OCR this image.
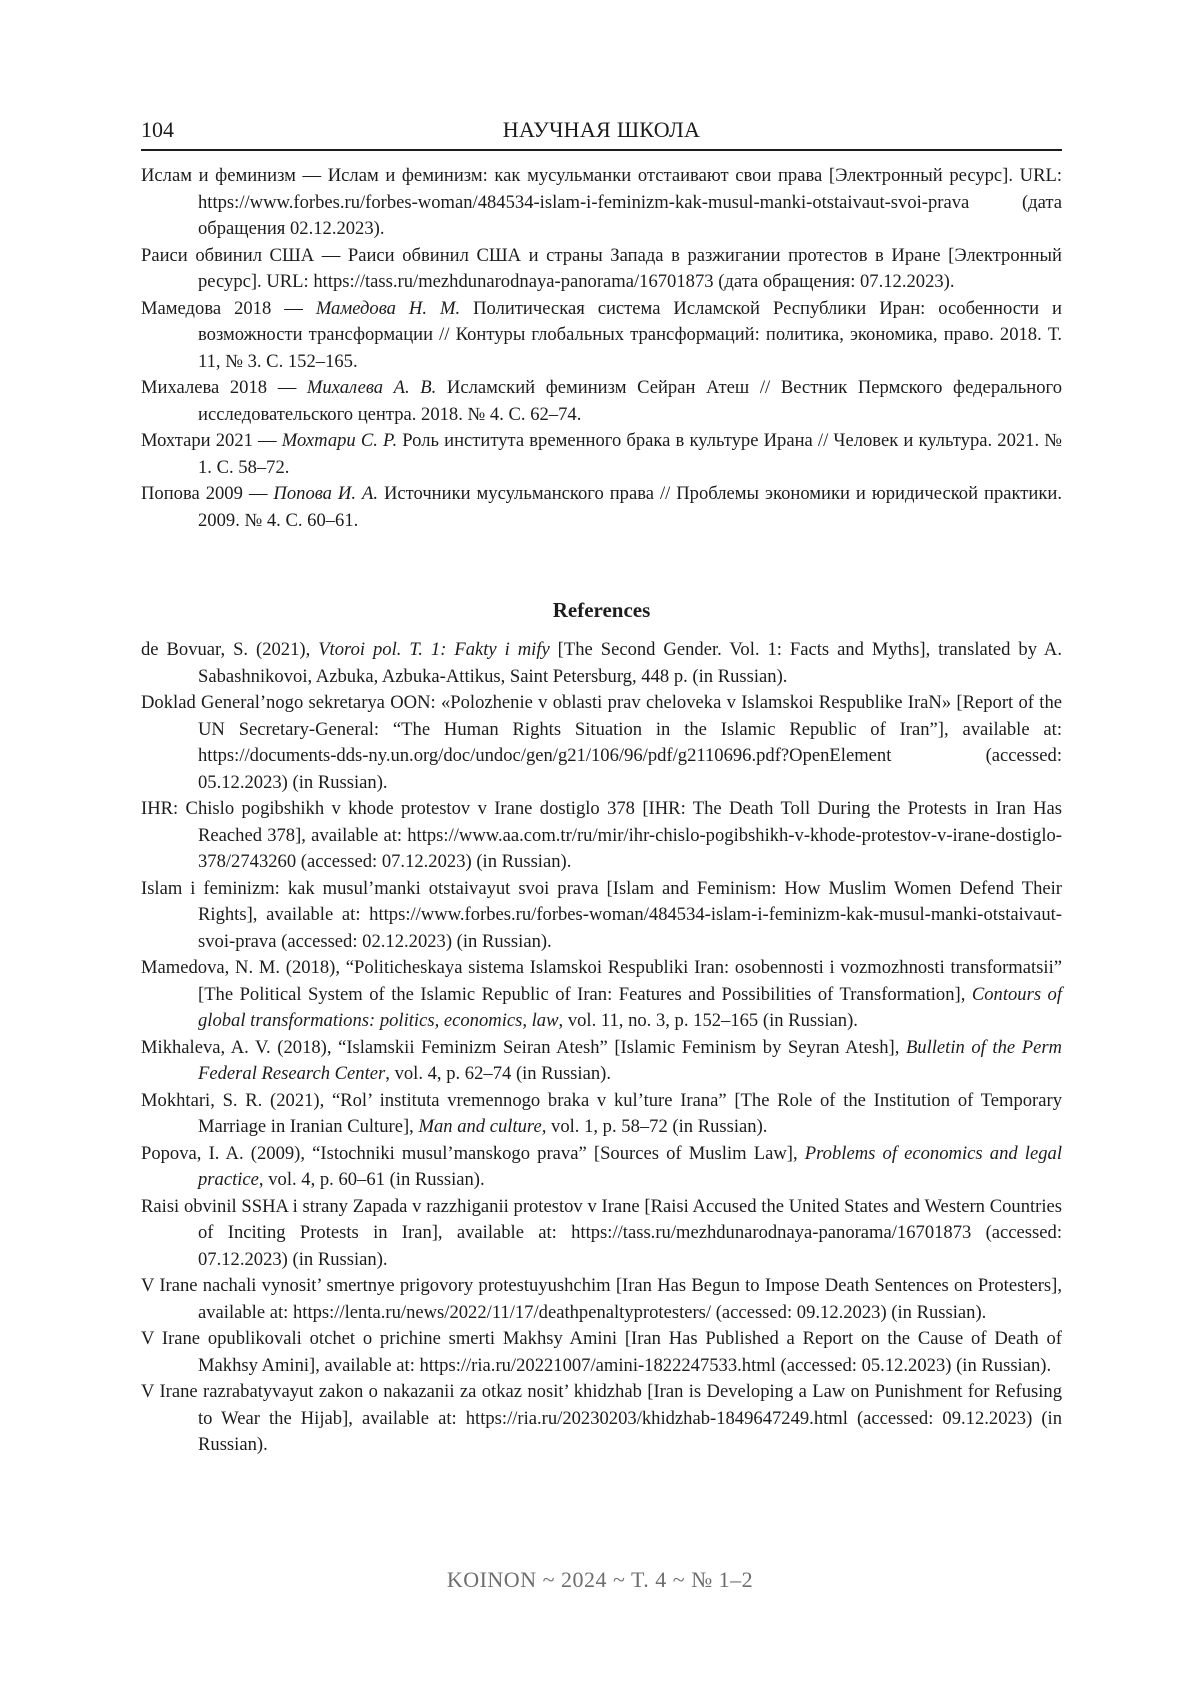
104	НАУЧНАЯ ШКОЛА

Ислам и феминизм — Ислам и феминизм: как мусульманки отстаивают свои права [Электронный ресурс]. URL: https://www.forbes.ru/forbes-woman/484534-islam-i-feminizm-kak-musul-manki-otstaivaut-svoi-prava (дата обращения 02.12.2023).

Раиси обвинил США — Раиси обвинил США и страны Запада в разжигании протестов в Иране [Электронный ресурс]. URL: https://tass.ru/mezhdunarodnaya-panorama/16701873 (дата обращения: 07.12.2023).

Мамедова 2018 — Мамедова Н. М. Политическая система Исламской Республики Иран: особенности и возможности трансформации // Контуры глобальных трансформаций: политика, экономика, право. 2018. Т. 11, № 3. С. 152–165.

Михалева 2018 — Михалева А. В. Исламский феминизм Сейран Атеш // Вестник Пермского федерального исследовательского центра. 2018. № 4. С. 62–74.

Мохтари 2021 — Мохтари С. Р. Роль института временного брака в культуре Ирана // Человек и культура. 2021. № 1. С. 58–72.

Попова 2009 — Попова И. А. Источники мусульманского права // Проблемы экономики и юридической практики. 2009. № 4. С. 60–61.

References

de Bovuar, S. (2021), Vtoroi pol. T. 1: Fakty i mify [The Second Gender. Vol. 1: Facts and Myths], translated by A. Sabashnikovoi, Azbuka, Azbuka-Attikus, Saint Petersburg, 448 p. (in Russian).

Doklad General’nogo sekretarya OON: «Polozhenie v oblasti prav cheloveka v Islamskoi Respublike IraN» [Report of the UN Secretary-General: “The Human Rights Situation in the Islamic Republic of Iran”], available at: https://documents-dds-ny.un.org/doc/undoc/gen/g21/106/96/pdf/g2110696.pdf?OpenElement (accessed: 05.12.2023) (in Russian).

IHR: Chislo pogibshikh v khode protestov v Irane dostiglo 378 [IHR: The Death Toll During the Protests in Iran Has Reached 378], available at: https://www.aa.com.tr/ru/mir/ihr-chislo-pogibshikh-v-khode-protestov-v-irane-dostiglo-378/2743260 (accessed: 07.12.2023) (in Russian).

Islam i feminizm: kak musul’manki otstaivayut svoi prava [Islam and Feminism: How Muslim Women Defend Their Rights], available at: https://www.forbes.ru/forbes-woman/484534-islam-i-feminizm-kak-musul-manki-otstaivaut-svoi-prava (accessed: 02.12.2023) (in Russian).

Mamedova, N. M. (2018), “Politicheskaya sistema Islamskoi Respubliki Iran: osobennosti i vozmozhnosti transformatsii” [The Political System of the Islamic Republic of Iran: Features and Possibilities of Transformation], Contours of global transformations: politics, economics, law, vol. 11, no. 3, p. 152–165 (in Russian).

Mikhaleva, A. V. (2018), “Islamskii Feminizm Seiran Atesh” [Islamic Feminism by Seyran Atesh], Bulletin of the Perm Federal Research Center, vol. 4, p. 62–74 (in Russian).

Mokhtari, S. R. (2021), “Rol’ instituta vremennogo braka v kul’ture Irana” [The Role of the Institution of Temporary Marriage in Iranian Culture], Man and culture, vol. 1, p. 58–72 (in Russian).

Popova, I. A. (2009), “Istochniki musul’manskogo prava” [Sources of Muslim Law], Problems of economics and legal practice, vol. 4, p. 60–61 (in Russian).

Raisi obvinil SSHA i strany Zapada v razzhiganii protestov v Irane [Raisi Accused the United States and Western Countries of Inciting Protests in Iran], available at: https://tass.ru/mezhdunarodnaya-panorama/16701873 (accessed: 07.12.2023) (in Russian).

V Irane nachali vynosit’ smertnye prigovory protestuyushchim [Iran Has Begun to Impose Death Sentences on Protesters], available at: https://lenta.ru/news/2022/11/17/deathpenaltyprotesters/ (accessed: 09.12.2023) (in Russian).

V Irane opublikovali otchet o prichine smerti Makhsy Amini [Iran Has Published a Report on the Cause of Death of Makhsy Amini], available at: https://ria.ru/20221007/amini-1822247533.html (accessed: 05.12.2023) (in Russian).

V Irane razrabatyvayut zakon o nakazanii za otkaz nosit’ khidzhab [Iran is Developing a Law on Punishment for Refusing to Wear the Hijab], available at: https://ria.ru/20230203/khidzhab-1849647249.html (accessed: 09.12.2023) (in Russian).

KOINON ~ 2024 ~ T. 4 ~ № 1–2
